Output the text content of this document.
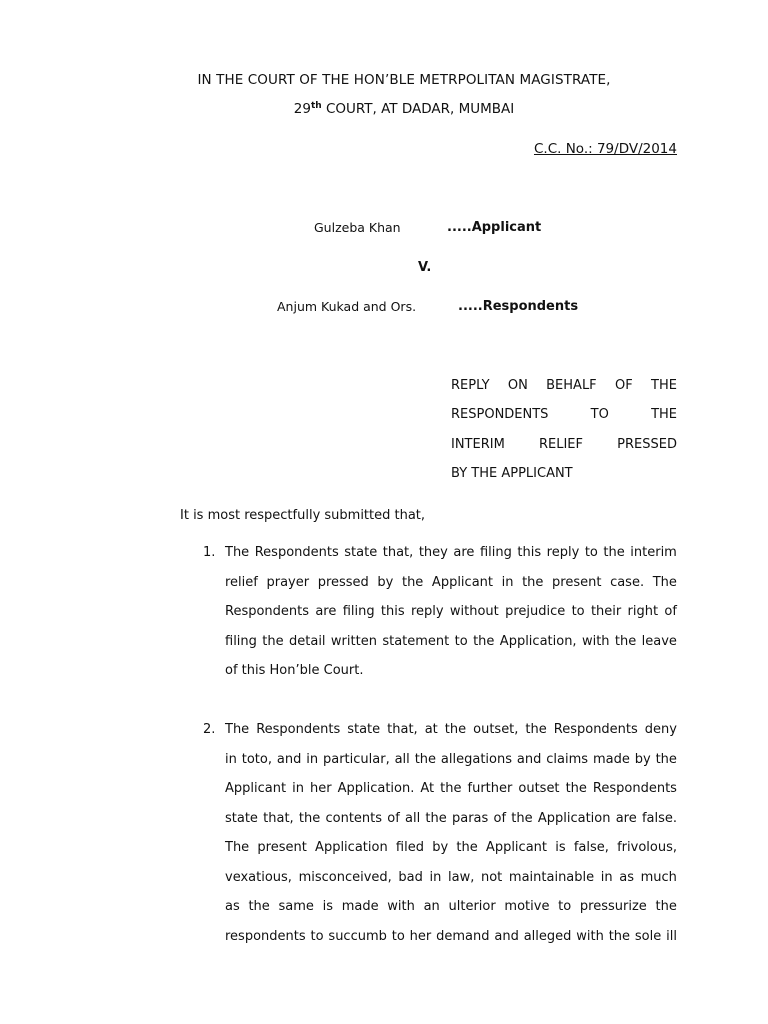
IN THE COURT OF THE HON’BLE METRPOLITAN MAGISTRATE,
29th COURT, AT DADAR, MUMBAI
C.C. No.: 79/DV/2014
Gulzeba Khan	.....Applicant
V.
Anjum Kukad and Ors.	.....Respondents
REPLY ON BEHALF OF THE
RESPONDENTS	TO	THE
INTERIM	RELIEF	PRESSED
BY THE APPLICANT
It is most respectfully submitted that,
1. The Respondents state that, they are filing this reply to the interim
relief prayer pressed by the Applicant in the present case. The
Respondents are filing this reply without prejudice to their right of
filing the detail written statement to the Application, with the leave
of this Hon’ble Court.
2. The Respondents state that, at the outset, the Respondents deny
in toto, and in particular, all the allegations and claims made by the
Applicant in her Application. At the further outset the Respondents
state that, the contents of all the paras of the Application are false.
The present Application filed by the Applicant is false, frivolous,
vexatious, misconceived, bad in law, not maintainable in as much
as the same is made with an ulterior motive to pressurize the
respondents to succumb to her demand and alleged with the sole ill
